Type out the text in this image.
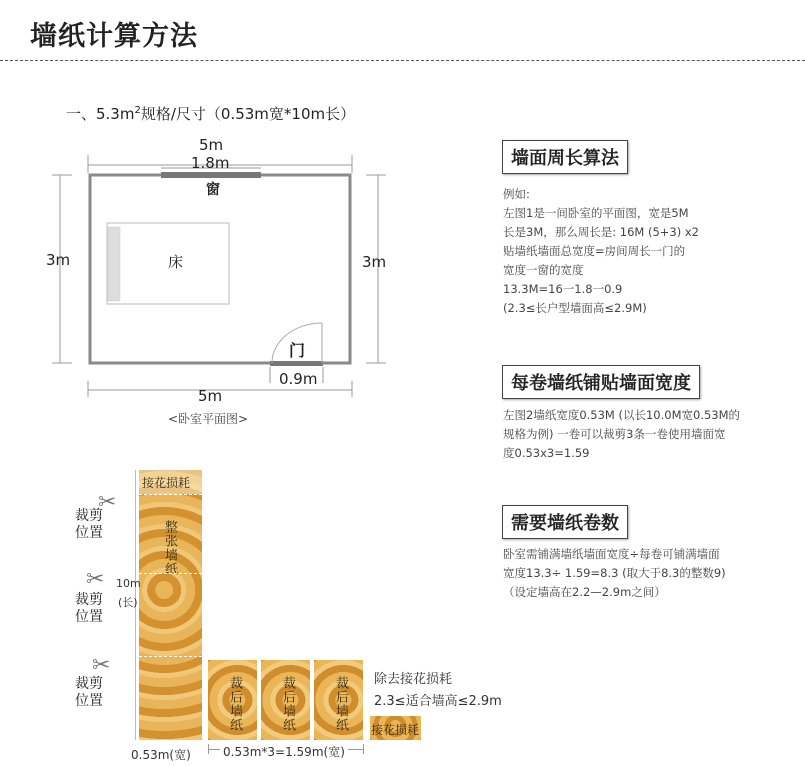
墙纸计算方法
一、$5.3m^2$规格/尺寸（0.53m宽*10m长）
5m
1.8m
窗
3m	3m
床
门
0.9m
5m
<卧室平面图>
墙面周长算法
例如:
左图1是一间卧室的平面图，宽是5M
长是3M，那么周长是: 16M (5+3) x2
贴墙纸墙面总宽度=房间周长一门的
宽度一窗的宽度
13.3M=16一1.8一0.9
(2.3≤长户型墙面高≤2.9M)
每卷墙纸铺贴墙面宽度
左图2墙纸宽度0.53M (以长10.0M宽0.53M的
规格为例) 一卷可以裁剪3条一卷使用墙面宽
度0.53x3=1.59
需要墙纸卷数
卧室需铺满墙纸墙面宽度÷每卷可铺满墙面
宽度13.3÷ 1.59=8.3 (取大于8.3的整数9)
（设定墙高在2.2—2.9m之间）
接花损耗
整张墙纸
10m
(长)
✂
裁剪位置
✂
裁剪位置
✂
裁剪位置
0.53m(宽)
裁后墙纸	裁后墙纸	裁后墙纸 接花损耗
除去接花损耗
2.3≤适合墙高≤2.9m
0.53m*3=1.59m(宽)
